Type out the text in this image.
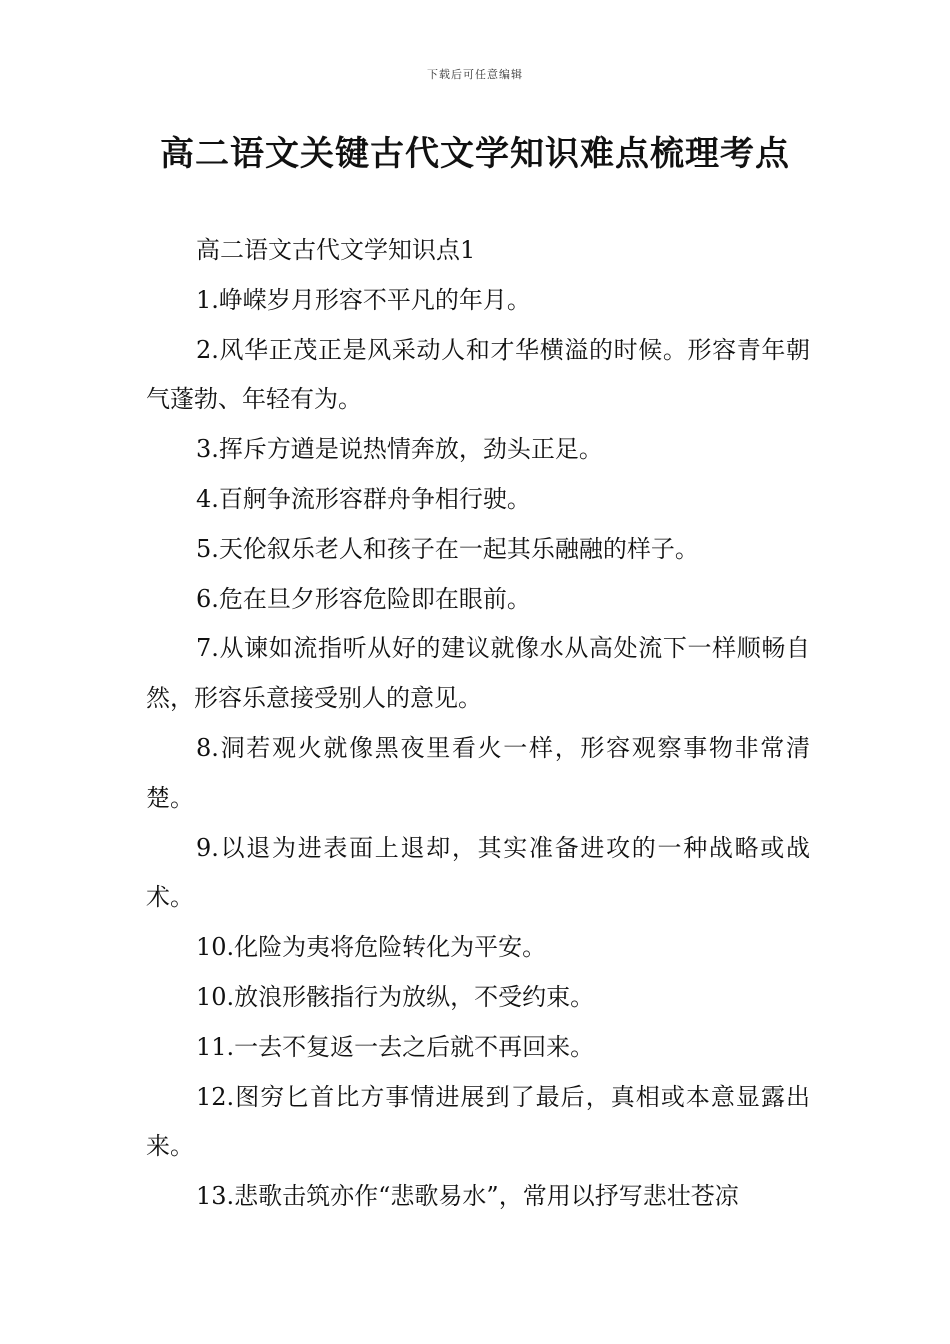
下载后可任意编辑
高二语文关键古代文学知识难点梳理考点

高二语文古代文学知识点1

1.峥嵘岁月形容不平凡的年月。

2.风华正茂正是风采动人和才华横溢的时候。形容青年朝气蓬勃、年轻有为。

3.挥斥方遒是说热情奔放，劲头正足。

4.百舸争流形容群舟争相行驶。

5.天伦叙乐老人和孩子在一起其乐融融的样子。

6.危在旦夕形容危险即在眼前。

7.从谏如流指听从好的建议就像水从高处流下一样顺畅自然，形容乐意接受别人的意见。

8.洞若观火就像黑夜里看火一样，形容观察事物非常清楚。

9.以退为进表面上退却，其实准备进攻的一种战略或战术。

10.化险为夷将危险转化为平安。

10.放浪形骸指行为放纵，不受约束。

11.一去不复返一去之后就不再回来。

12.图穷匕首比方事情进展到了最后，真相或本意显露出来。

13.悲歌击筑亦作“悲歌易水”，常用以抒写悲壮苍凉
